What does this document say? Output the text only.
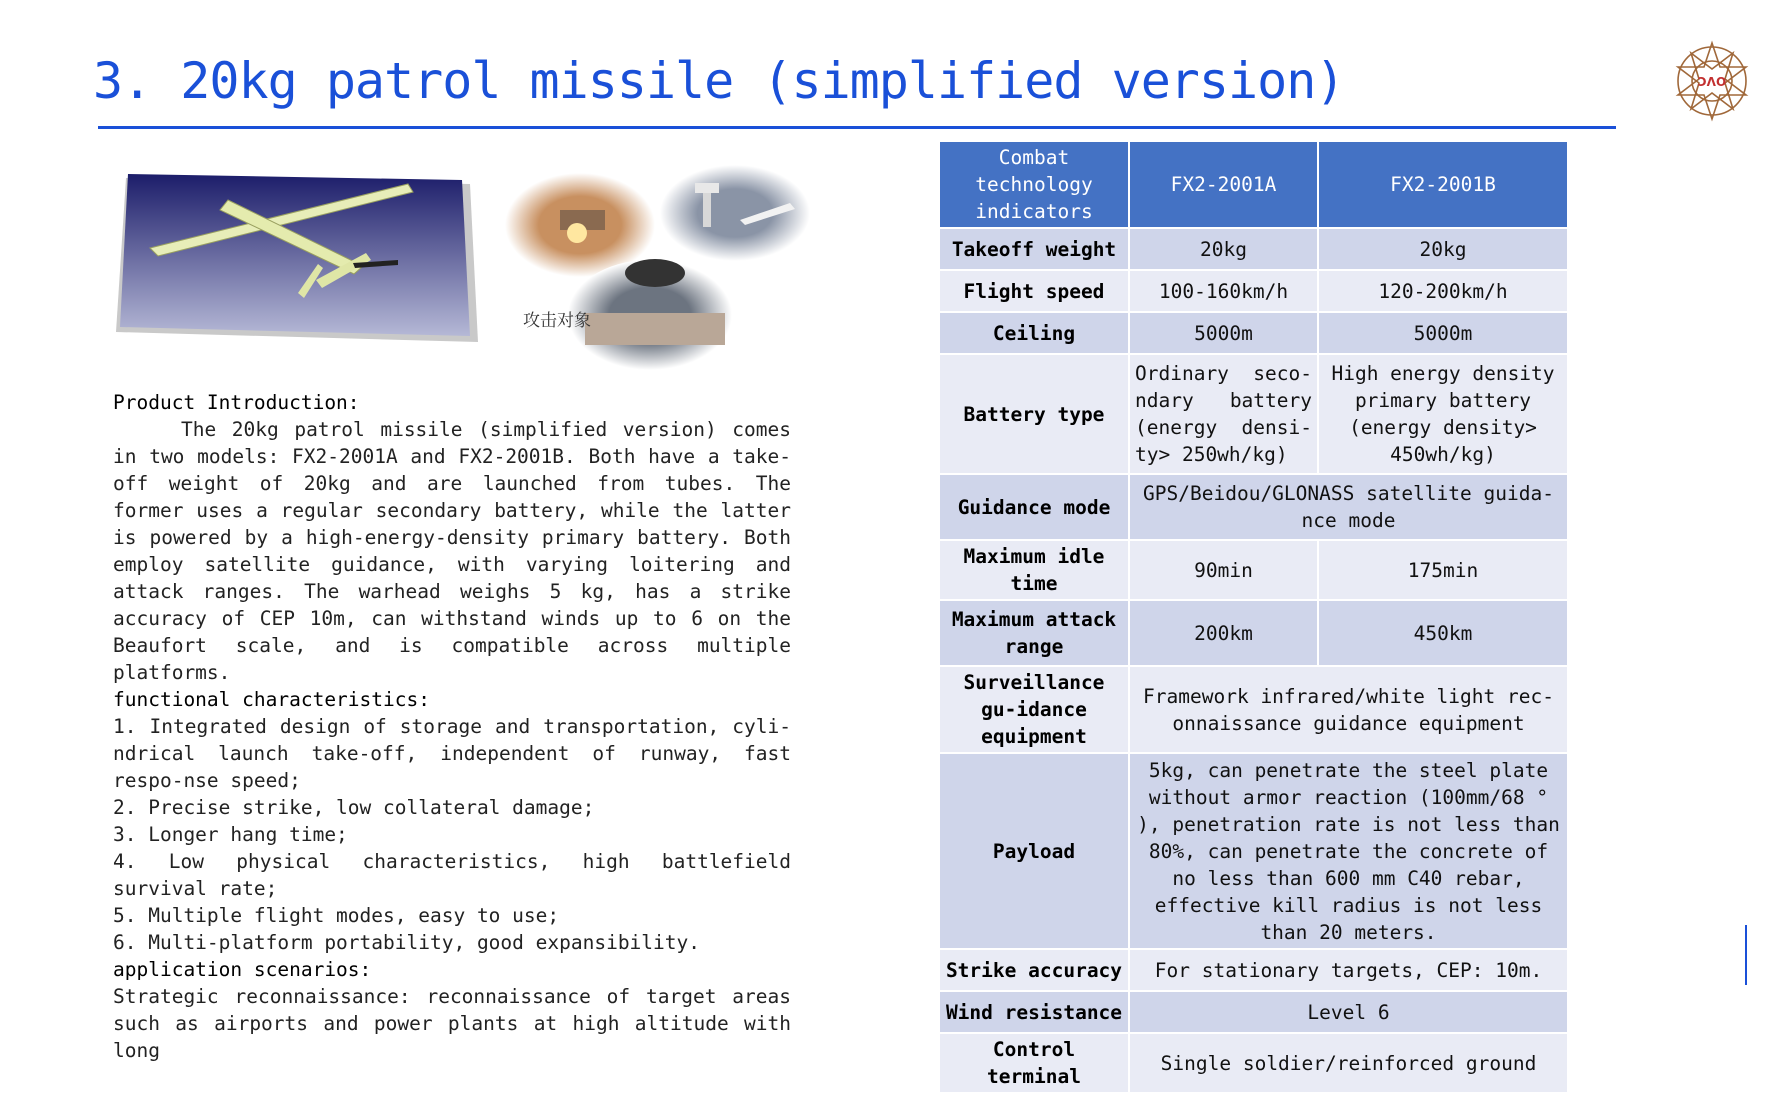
3. 20kg patrol missile (simplified version)	ƆΛO
攻击对象

Product Introduction:

The 20kg patrol missile (simplified version) comes in two models: FX2-2001A and FX2-2001B. Both have a take-off weight of 20kg and are launched from tubes. The former uses a regular secondary battery, while the latter is powered by a high-energy-density primary battery. Both employ satellite guidance, with varying loitering and attack ranges. The warhead weighs 5 kg, has a strike accuracy of CEP 10m, can withstand winds up to 6 on the Beaufort scale, and is compatible across multiple platforms.

functional characteristics:

1. Integrated design of storage and transportation, cyli-ndrical launch take-off, independent of runway, fast respo-nse speed;

2. Precise strike, low collateral damage;

3. Longer hang time;

4. Low physical characteristics, high battlefield survival rate;

5. Multiple flight modes, easy to use;

6. Multi-platform portability, good expansibility.

application scenarios:

Strategic reconnaissance: reconnaissance of target areas such as airports and power plants at high altitude with long

Combat technology indicators	FX2-2001A	FX2-2001B
Takeoff weight	20kg	20kg
Flight speed	100-160km/h	120-200km/h
Ceiling	5000m	5000m
Battery type	Ordinary seco-ndary battery (energy densi-ty> 250wh/kg)	High energy density primary battery (energy density> 450wh/kg)
Guidance mode	GPS/Beidou/GLONASS satellite guida-nce mode	
Maximum idle time	90min	175min
Maximum attack range	200km	450km
Surveillance gu-idance equipment	Framework infrared/white light rec-onnaissance guidance equipment	
Payload	5kg, can penetrate the steel plate without armor reaction (100mm/68 ° ), penetration rate is not less than 80%, can penetrate the concrete of no less than 600 mm C40 rebar, effective kill radius is not less than 20 meters.	
Strike accuracy	For stationary targets, CEP: 10m.	
Wind resistance	Level 6	
Control terminal	Single soldier/reinforced ground	
